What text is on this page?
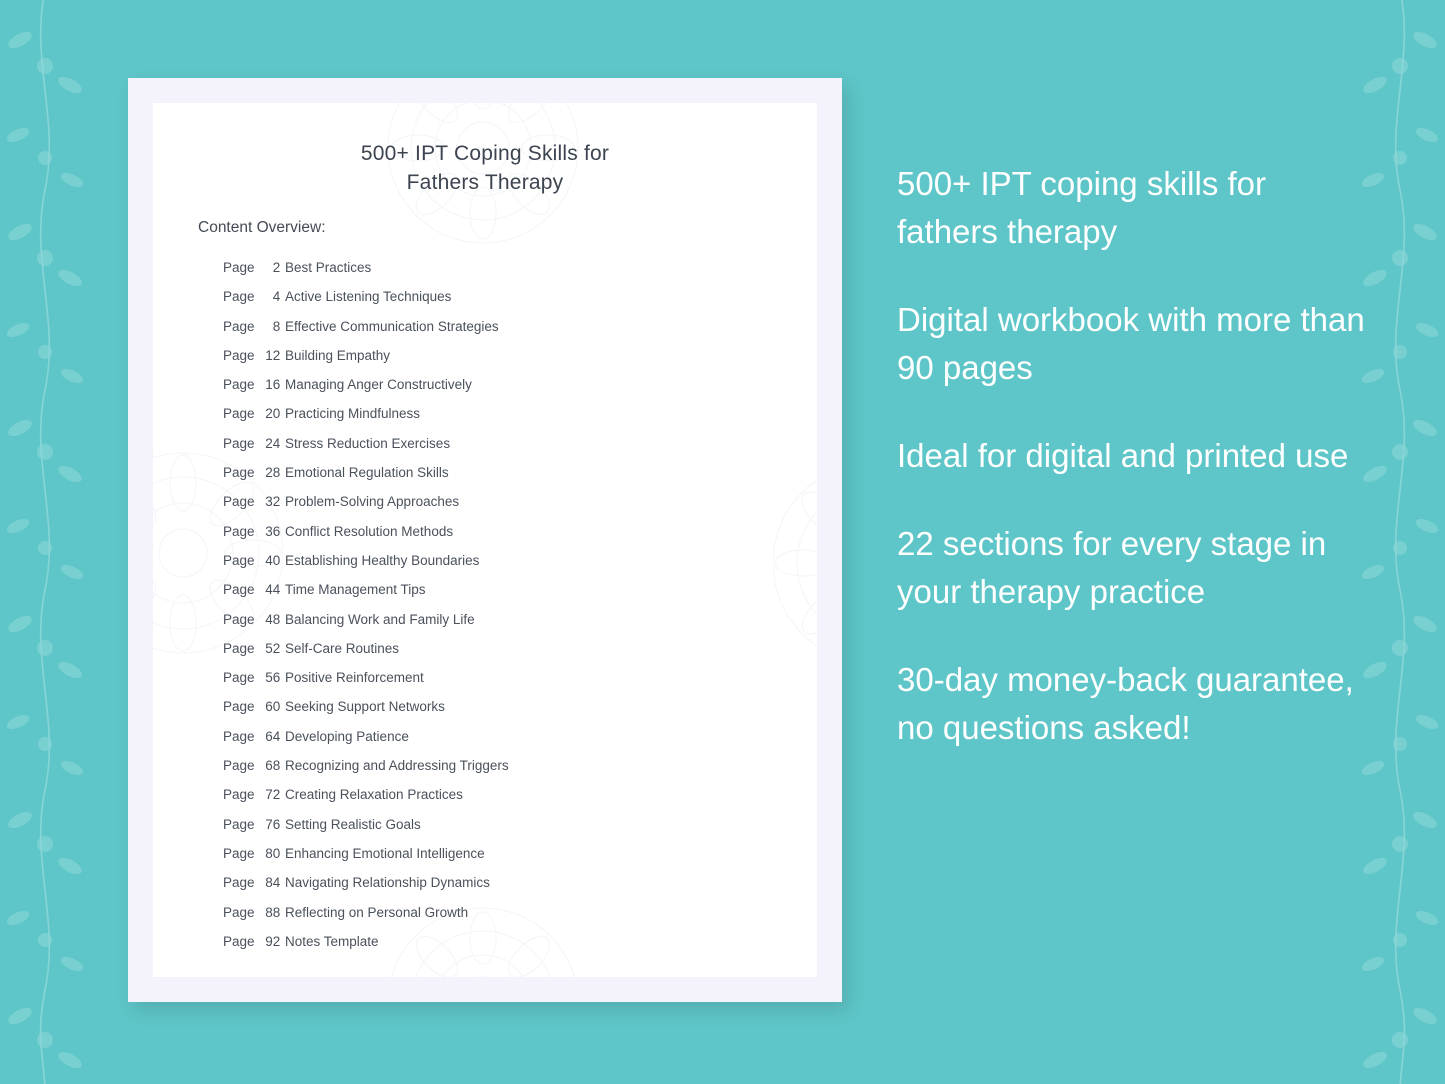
500+ IPT Coping Skills for
Fathers Therapy
Content Overview:
Page 2 Best Practices
Page 4 Active Listening Techniques
Page 8 Effective Communication Strategies
Page 12 Building Empathy
Page 16 Managing Anger Constructively
Page 20 Practicing Mindfulness
Page 24 Stress Reduction Exercises
Page 28 Emotional Regulation Skills
Page 32 Problem-Solving Approaches
Page 36 Conflict Resolution Methods
Page 40 Establishing Healthy Boundaries
Page 44 Time Management Tips
Page 48 Balancing Work and Family Life
Page 52 Self-Care Routines
Page 56 Positive Reinforcement
Page 60 Seeking Support Networks
Page 64 Developing Patience
Page 68 Recognizing and Addressing Triggers
Page 72 Creating Relaxation Practices
Page 76 Setting Realistic Goals
Page 80 Enhancing Emotional Intelligence
Page 84 Navigating Relationship Dynamics
Page 88 Reflecting on Personal Growth
Page 92 Notes Template

500+ IPT coping skills for fathers therapy

Digital workbook with more than 90 pages

Ideal for digital and printed use

22 sections for every stage in your therapy practice

30-day money-back guarantee, no questions asked!
